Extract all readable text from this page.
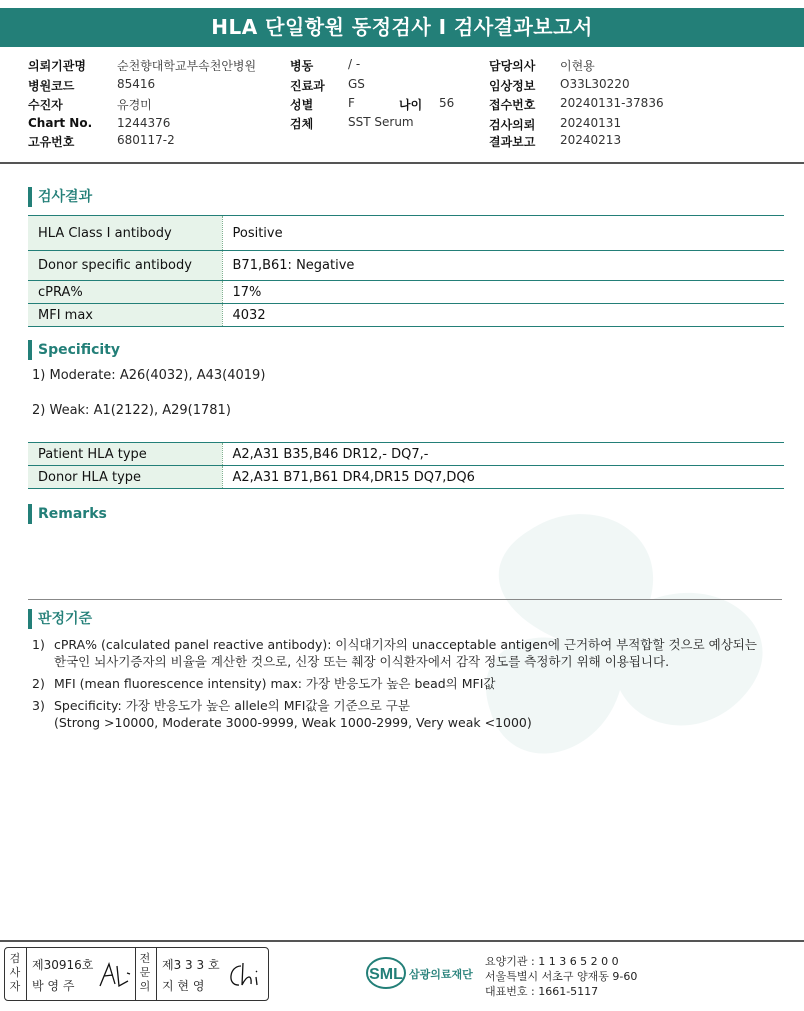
HLA 단일항원 동정검사 I 검사결과보고서
의뢰기관명	순천향대학교부속천안병원
병원코드	85416
수진자	유경미
Chart No. 1244376
고유번호	680117-2
병동	/ -
진료과 GS
성별	F	나이 56
검체	SST Serum
담당의사 이현용
임상정보 O33L30220
접수번호 20240131-37836
검사의뢰 20240131
결과보고 20240213
검사결과
HLA Class I antibody	Positive
Donor specific antibody	B71,B61: Negative
cPRA%	17%
MFI max	4032
Specificity
1) Moderate: A26(4032), A43(4019)
2) Weak: A1(2122), A29(1781)
Patient HLA type	A2,A31 B35,B46 DR12,- DQ7,-
Donor HLA type	A2,A31 B71,B61 DR4,DR15 DQ7,DQ6
Remarks
판정기준
1) cPRA% (calculated panel reactive antibody): 이식대기자의 unacceptable antigen에 근거하여 부적합할 것으로 예상되는
한국인 뇌사기증자의 비율을 계산한 것으로, 신장 또는 췌장 이식환자에서 감작 정도를 측정하기 위해 이용됩니다.
2) MFI (mean fluorescence intensity) max: 가장 반응도가 높은 bead의 MFI값
3) Specificity: 가장 반응도가 높은 allele의 MFI값을 기준으로 구분
(Strong >10000, Moderate 3000-9999, Weak 1000-2999, Very weak <1000)
검사자
제30916호
박 영 주
전문의
제3 3 3 호
지 현 영
SML 삼광의료재단
요양기관 : 1 1 3 6 5 2 0 0
서울특별시 서초구 양재동 9-60
대표번호 : 1661-5117
